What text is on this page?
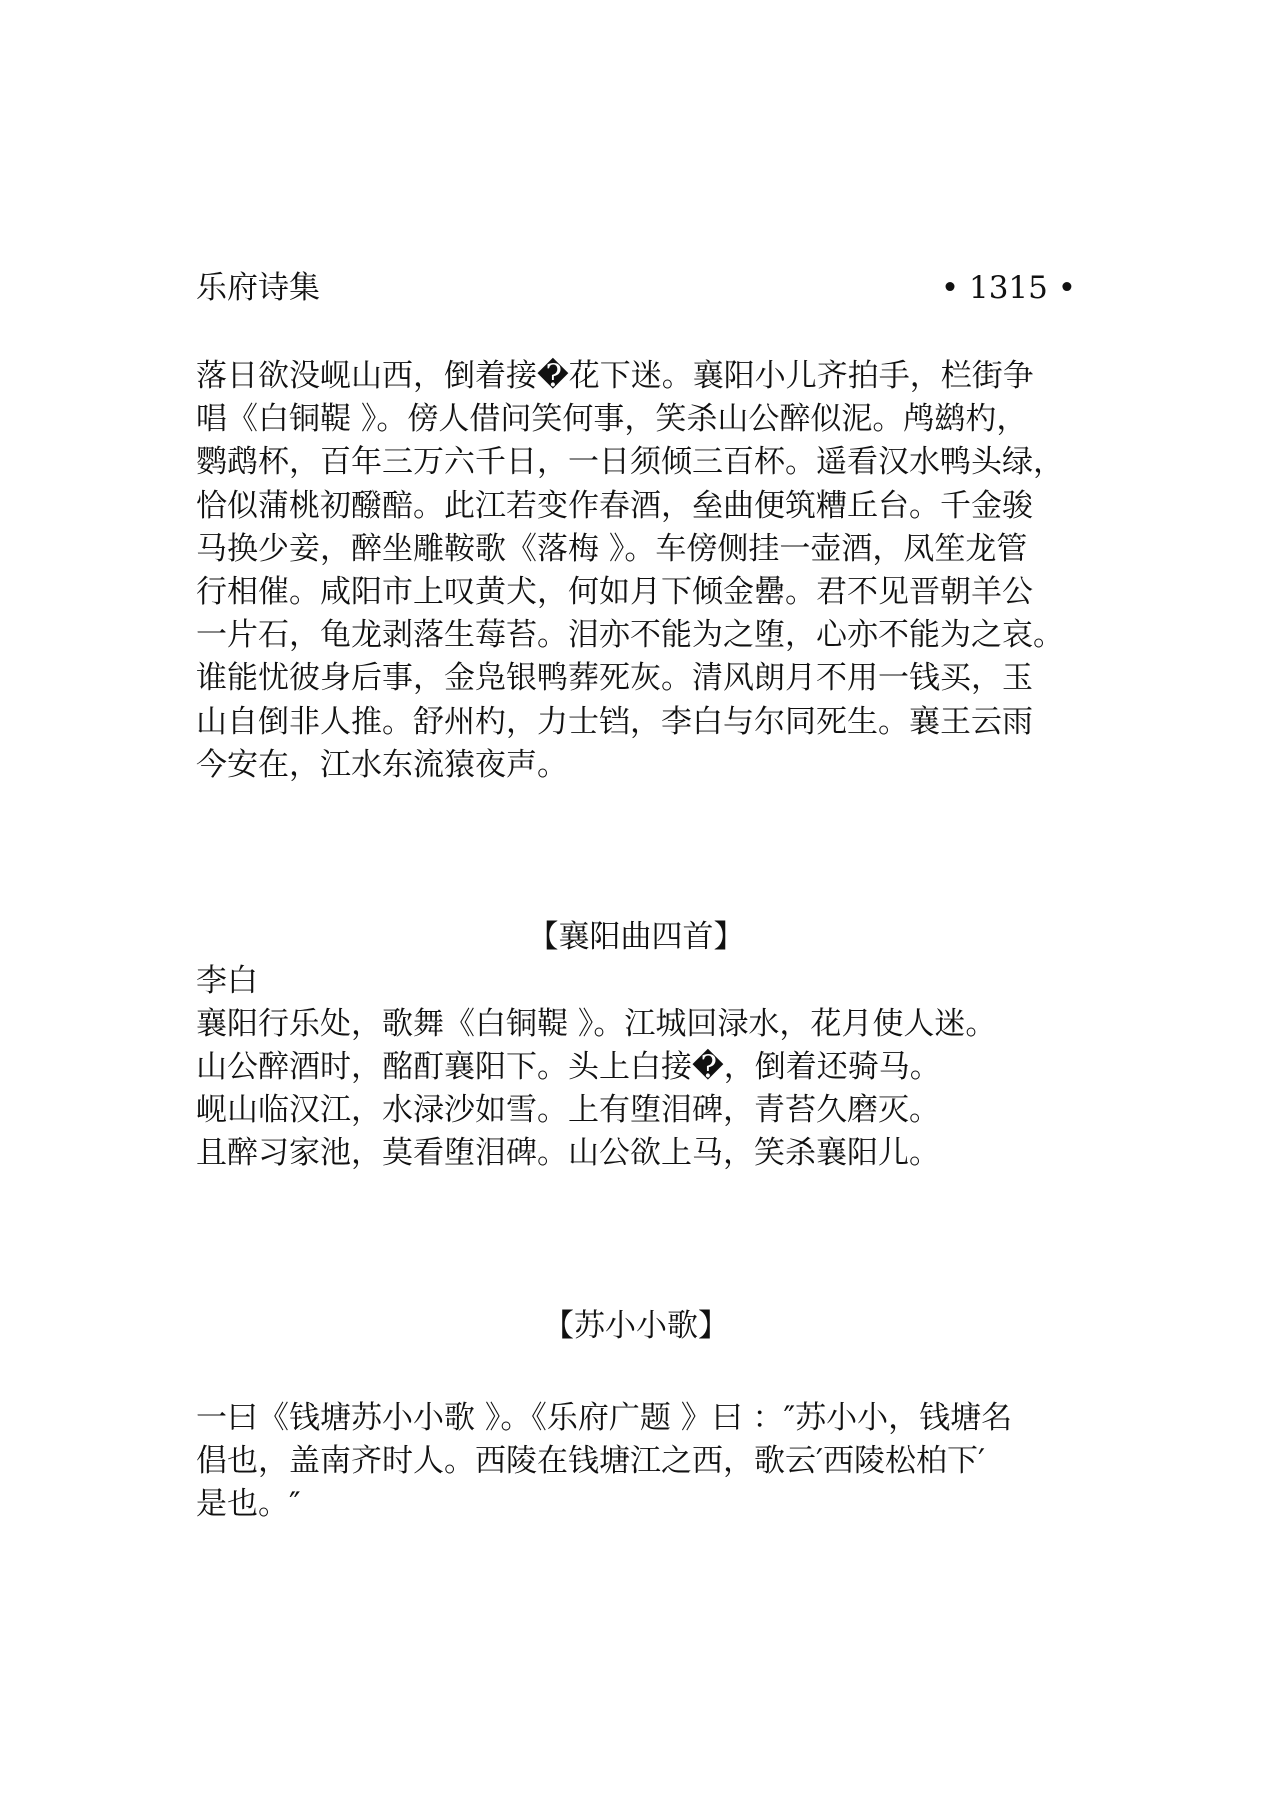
乐府诗集	• 1315 •
落日欲没岘山西，倒着接�花下迷。襄阳小儿齐拍手，栏街争
唱《白铜鞮 》。傍人借问笑何事，笑杀山公醉似泥。鸬鹚杓，
鹦鹉杯，百年三万六千日，一日须倾三百杯。遥看汉水鸭头绿，
恰似蒲桃初醱醅。此江若变作春酒，垒曲便筑糟丘台。千金骏
马换少妾，醉坐雕鞍歌《落梅 》。车傍侧挂一壶酒，凤笙龙管
行相催。咸阳市上叹黄犬，何如月下倾金罍。君不见晋朝羊公
一片石，龟龙剥落生莓苔。泪亦不能为之堕，心亦不能为之哀。
谁能忧彼身后事，金凫银鸭葬死灰。清风朗月不用一钱买，玉
山自倒非人推。舒州杓，力士铛，李白与尔同死生。襄王云雨
今安在，江水东流猿夜声。
【襄阳曲四首】
李白
襄阳行乐处，歌舞《白铜鞮 》。江城回渌水，花月使人迷。
山公醉酒时，酩酊襄阳下。头上白接�，倒着还骑马。
岘山临汉江，水渌沙如雪。上有堕泪碑，青苔久磨灭。
且醉习家池，莫看堕泪碑。山公欲上马，笑杀襄阳儿。
【苏小小歌】
一曰《钱塘苏小小歌 》。《乐府广题 》曰 ：″苏小小，钱塘名
倡也，盖南齐时人。西陵在钱塘江之西，歌云′西陵松柏下′
是也。″
